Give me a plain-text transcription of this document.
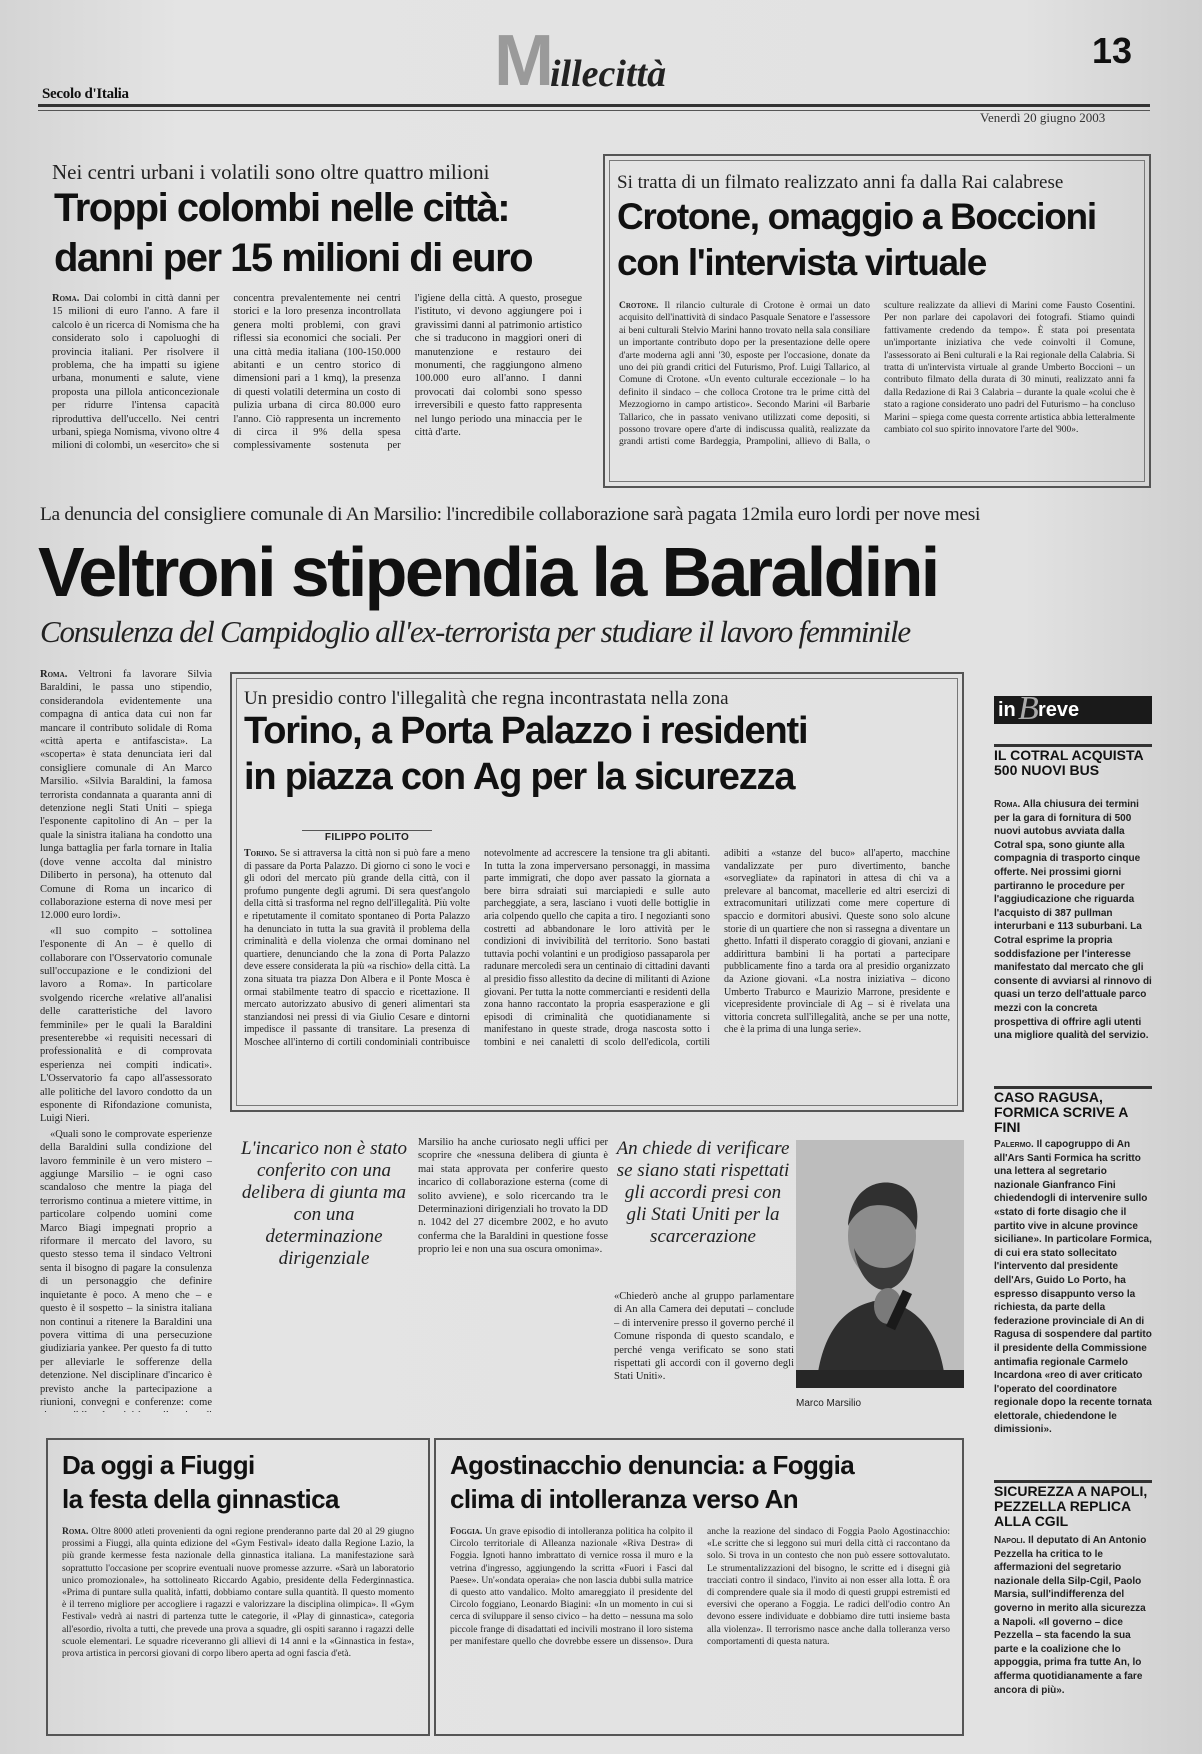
Secolo d'Italia	Millecittà
13
Venerdì 20 giugno 2003
Nei centri urbani i volatili sono oltre quattro milioni
Troppi colombi nelle città:
danni per 15 milioni di euro
Roma. Dai colombi in città danni per 15 milioni di euro l'anno. A fare il calcolo è un ricerca di Nomisma che ha considerato solo i capoluoghi di provincia italiani. Per risolvere il problema, che ha impatti su igiene urbana, monumenti e salute, viene proposta una pillola anticoncezionale per ridurre l'intensa capacità riproduttiva dell'uccello. Nei centri urbani, spiega Nomisma, vivono oltre 4 milioni di colombi, un «esercito» che si concentra prevalentemente nei centri storici e la loro presenza incontrollata genera molti problemi, con gravi riflessi sia economici che sociali. Per una città media italiana (100-150.000 abitanti e un centro storico di dimensioni pari a 1 kmq), la presenza di questi volatili determina un costo di pulizia urbana di circa 80.000 euro l'anno. Ciò rappresenta un incremento di circa il 9% della spesa complessivamente sostenuta per l'igiene della città. A questo, prosegue l'istituto, vi devono aggiungere poi i gravissimi danni al patrimonio artistico che si traducono in maggiori oneri di manutenzione e restauro dei monumenti, che raggiungono almeno 100.000 euro all'anno. I danni provocati dai colombi sono spesso irreversibili e questo fatto rappresenta nel lungo periodo una minaccia per le città d'arte.
Si tratta di un filmato realizzato anni fa dalla Rai calabrese
Crotone, omaggio a Boccioni
con l'intervista virtuale
Crotone. Il rilancio culturale di Crotone è ormai un dato acquisito dell'inattività di sindaco Pasquale Senatore e l'assessore ai beni culturali Stelvio Marini hanno trovato nella sala consiliare un importante contributo dopo per la presentazione delle opere d'arte moderna agli anni '30, esposte per l'occasione, donate da uno dei più grandi critici del Futurismo, Prof. Luigi Tallarico, al Comune di Crotone. «Un evento culturale eccezionale – lo ha definito il sindaco – che colloca Crotone tra le prime città del Mezzogiorno in campo artistico». Secondo Marini «il Barbarie Tallarico, che in passato venivano utilizzati come depositi, si possono trovare opere d'arte di indiscussa qualità, realizzate da grandi artisti come Bardeggia, Prampolini, allievo di Balla, o sculture realizzate da allievi di Marini come Fausto Cosentini. Per non parlare dei capolavori dei fotografi. Stiamo quindi fattivamente credendo da tempo». È stata poi presentata un'importante iniziativa che vede coinvolti il Comune, l'assessorato ai Beni culturali e la Rai regionale della Calabria. Si tratta di un'intervista virtuale al grande Umberto Boccioni – un contributo filmato della durata di 30 minuti, realizzato anni fa dalla Redazione di Rai 3 Calabria – durante la quale «colui che è stato a ragione considerato uno padri del Futurismo – ha concluso Marini – spiega come questa corrente artistica abbia letteralmente cambiato col suo spirito innovatore l'arte del '900».
La denuncia del consigliere comunale di An Marsilio: l'incredibile collaborazione sarà pagata 12mila euro lordi per nove mesi
Veltroni stipendia la Baraldini
Consulenza del Campidoglio all'ex-terrorista per studiare il lavoro femminile

Roma. Veltroni fa lavorare Silvia Baraldini, le passa uno stipendio, considerandola evidentemente una compagna di antica data cui non far mancare il contributo solidale di Roma «città aperta e antifascista». La «scoperta» è stata denunciata ieri dal consigliere comunale di An Marco Marsilio. «Silvia Baraldini, la famosa terrorista condannata a quaranta anni di detenzione negli Stati Uniti – spiega l'esponente capitolino di An – per la quale la sinistra italiana ha condotto una lunga battaglia per farla tornare in Italia (dove venne accolta dal ministro Diliberto in persona), ha ottenuto dal Comune di Roma un incarico di collaborazione esterna di nove mesi per 12.000 euro lordi».

«Il suo compito – sottolinea l'esponente di An – è quello di collaborare con l'Osservatorio comunale sull'occupazione e le condizioni del lavoro a Roma». In particolare svolgendo ricerche «relative all'analisi delle caratteristiche del lavoro femminile» per le quali la Baraldini presenterebbe «i requisiti necessari di professionalità e di comprovata esperienza nei compiti indicati». L'Osservatorio fa capo all'assessorato alle politiche del lavoro condotto da un esponente di Rifondazione comunista, Luigi Nieri.

«Quali sono le comprovate esperienze della Baraldini sulla condizione del lavoro femminile è un vero mistero – aggiunge Marsilio – ie ogni caso scandaloso che mentre la piaga del terrorismo continua a mietere vittime, in particolare colpendo uomini come Marco Biagi impegnati proprio a riformare il mercato del lavoro, su questo stesso tema il sindaco Veltroni senta il bisogno di pagare la consulenza di un personaggio che definire inquietante è poco. A meno che – e questo è il sospetto – la sinistra italiana non continui a ritenere la Baraldini una povera vittima di una persecuzione giudiziaria yankee. Per questo fa di tutto per alleviarle le sofferenze della detenzione. Nel disciplinare d'incarico è previsto anche la partecipazione a riunioni, convegni e conferenze: come

Un presidio contro l'illegalità che regna incontrastata nella zona
Torino, a Porta Palazzo i residenti
in piazza con Ag per la sicurezza
FILIPPO POLITO
Torino. Se si attraversa la città non si può fare a meno di passare da Porta Palazzo. Di giorno ci sono le voci e gli odori del mercato più grande della città, con il profumo pungente degli agrumi. Di sera quest'angolo della città si trasforma nel regno dell'illegalità. Più volte e ripetutamente il comitato spontaneo di Porta Palazzo ha denunciato in tutta la sua gravità il problema della criminalità e della violenza che ormai dominano nel quartiere, denunciando che la zona di Porta Palazzo deve essere considerata la più «a rischio» della città. La zona situata tra piazza Don Albera e il Ponte Mosca è ormai stabilmente teatro di spaccio e ricettazione. Il mercato autorizzato abusivo di generi alimentari sta stanziandosi nei pressi di via Giulio Cesare e dintorni impedisce il passante di transitare. La presenza di Moschee all'interno di cortili condominiali contribuisce notevolmente ad accrescere la tensione tra gli abitanti. In tutta la zona imperversano personaggi, in massima parte immigrati, che dopo aver passato la giornata a bere birra sdraiati sui marciapiedi e sulle auto parcheggiate, a sera, lasciano i vuoti delle bottiglie in aria colpendo quello che capita a tiro. I negozianti sono costretti ad abbandonare le loro attività per le condizioni di invivibilità del territorio. Sono bastati tuttavia pochi volantini e un prodigioso passaparola per radunare mercoledì sera un centinaio di cittadini davanti al presidio fisso allestito da decine di militanti di Azione giovani. Per tutta la notte commercianti e residenti della zona hanno raccontato la propria esasperazione e gli episodi di criminalità che quotidianamente si manifestano in queste strade, droga nascosta sotto i tombini e nei canaletti di scolo dell'edicola, cortili adibiti a «stanze del buco» all'aperto, macchine vandalizzate per puro divertimento, banche «sorvegliate» da rapinatori in attesa di chi va a prelevare al bancomat, macellerie ed altri esercizi di extracomunitari utilizzati come mere coperture di spaccio e dormitori abusivi. Queste sono solo alcune storie di un quartiere che non si rassegna a diventare un ghetto. Infatti il disperato coraggio di giovani, anziani e addirittura bambini li ha portati a partecipare pubblicamente fino a tarda ora al presidio organizzato da Azione giovani. «La nostra iniziativa – dicono Umberto Traburco e Maurizio Marrone, presidente e vicepresidente provinciale di Ag – si è rivelata una vittoria concreta sull'illegalità, anche se per una notte, che è la prima di una lunga serie».
L'incarico non è stato conferito con una delibera di giunta ma con una determinazione dirigenziale

Marsilio ha anche curiosato negli uffici per scoprire che «nessuna delibera di giunta è mai stata approvata per conferire questo incarico di collaborazione esterna (come di solito avviene), e solo ricercando tra le Determinazioni dirigenziali ho trovato la DD n. 1042 del 27 dicembre 2002, e ho avuto conferma che la Baraldini in questione fosse proprio lei e non una sua oscura omonima».

An chiede di verificare se siano stati rispettati gli accordi presi con gli Stati Uniti per la scarcerazione

«Chiederò anche al gruppo parlamentare di An alla Camera dei deputati – conclude – di intervenire presso il governo perché il Comune risponda di questo scandalo, e perché venga verificato se sono stati rispettati gli accordi con il governo degli Stati Uniti».

Marco Marsilio
in B reve
IL COTRAL ACQUISTA 500 NUOVI BUS
Roma. Alla chiusura dei termini per la gara di fornitura di 500 nuovi autobus avviata dalla Cotral spa, sono giunte alla compagnia di trasporto cinque offerte. Nei prossimi giorni partiranno le procedure per l'aggiudicazione che riguarda l'acquisto di 387 pullman interurbani e 113 suburbani. La Cotral esprime la propria soddisfazione per l'interesse manifestato dal mercato che gli consente di avviarsi al rinnovo di quasi un terzo dell'attuale parco mezzi con la concreta prospettiva di offrire agli utenti una migliore qualità del servizio.
CASO RAGUSA, FORMICA SCRIVE A FINI
Palermo. Il capogruppo di An all'Ars Santi Formica ha scritto una lettera al segretario nazionale Gianfranco Fini chiedendogli di intervenire sullo «stato di forte disagio che il partito vive in alcune province siciliane». In particolare Formica, di cui era stato sollecitato l'intervento dal presidente dell'Ars, Guido Lo Porto, ha espresso disappunto verso la richiesta, da parte della federazione provinciale di An di Ragusa di sospendere dal partito il presidente della Commissione antimafia regionale Carmelo Incardona «reo di aver criticato l'operato del coordinatore regionale dopo la recente tornata elettorale, chiedendone le dimissioni».
SICUREZZA A NAPOLI, PEZZELLA REPLICA ALLA CGIL
Napoli. Il deputato di An Antonio Pezzella ha critica to le affermazioni del segretario nazionale della Silp-Cgil, Paolo Marsia, sull'indifferenza del governo in merito alla sicurezza a Napoli. «Il governo – dice Pezzella – sta facendo la sua parte e la coalizione che lo appoggia, prima fra tutte An, lo afferma quotidianamente a fare ancora di più».
Da oggi a Fiuggi
la festa della ginnastica
Roma. Oltre 8000 atleti provenienti da ogni regione prenderanno parte dal 20 al 29 giugno prossimi a Fiuggi, alla quinta edizione del «Gym Festival» ideato dalla Regione Lazio, la più grande kermesse festa nazionale della ginnastica italiana. La manifestazione sarà soprattutto l'occasione per scoprire eventuali nuove promesse azzurre. «Sarà un laboratorio unico promozionale», ha sottolineato Riccardo Agabio, presidente della Federginnastica. «Prima di puntare sulla qualità, infatti, dobbiamo contare sulla quantità. Il questo momento è il terreno migliore per accogliere i ragazzi e valorizzare la disciplina olimpica». Il «Gym Festival» vedrà ai nastri di partenza tutte le categorie, il «Play di ginnastica», categoria all'esordio, rivolta a tutti, che prevede una prova a squadre, gli ospiti saranno i ragazzi delle scuole elementari. Le squadre riceveranno gli allievi di 14 anni e la «Ginnastica in festa», prova artistica in percorsi giovani di corpo libero aperta ad ogni fascia d'età.
Agostinacchio denuncia: a Foggia
clima di intolleranza verso An
Foggia. Un grave episodio di intolleranza politica ha colpito il Circolo territoriale di Alleanza nazionale «Riva Destra» di Foggia. Ignoti hanno imbrattato di vernice rossa il muro e la vetrina d'ingresso, aggiungendo la scritta «Fuori i Fasci dal Paese». Un'«ondata operaia» che non lascia dubbi sulla matrice di questo atto vandalico. Molto amareggiato il presidente del Circolo foggiano, Leonardo Biagini: «In un momento in cui si cerca di sviluppare il senso civico – ha detto – nessuna ma solo piccole frange di disadattati ed incivili mostrano il loro sistema per manifestare quello che dovrebbe essere un dissenso». Dura anche la reazione del sindaco di Foggia Paolo Agostinacchio: «Le scritte che si leggono sui muri della città ci raccontano da solo. Si trova in un contesto che non può essere sottovalutato. Le strumentalizzazioni del bisogno, le scritte ed i disegni già tracciati contro il sindaco, l'invito ai non esser alla lotta. È ora di comprendere quale sia il modo di questi gruppi estremisti ed eversivi che operano a Foggia. Le radici dell'odio contro An devono essere individuate e dobbiamo dire tutti insieme basta alla violenza». Il terrorismo nasce anche dalla tolleranza verso comportamenti di questa natura.
